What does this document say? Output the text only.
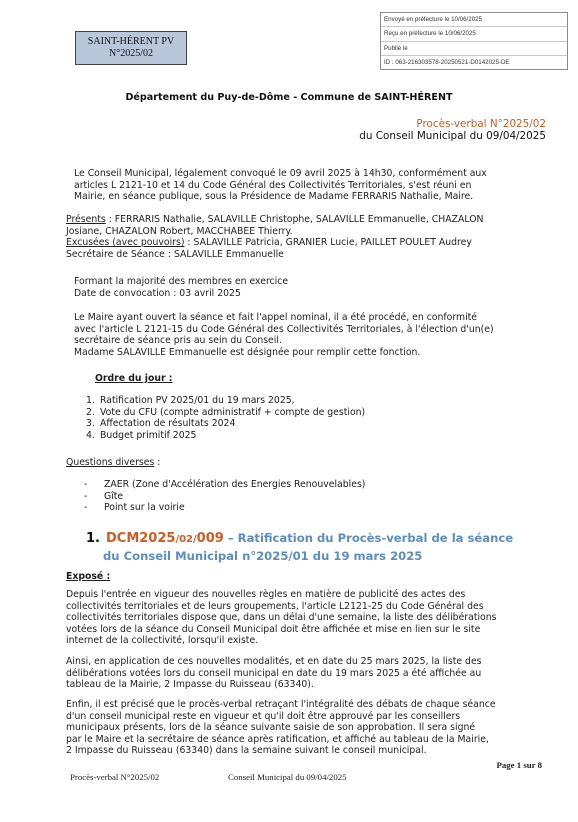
Envoyé en préfecture le 10/06/2025
Reçu en préfecture le 10/06/2025
Publié le
ID : 063-216303578-20250521-D0142025-DE
SAINT-HÉRENT PV
N°2025/02
Département du Puy-de-Dôme - Commune de SAINT-HÉRENT
Procès-verbal N°2025/02
du Conseil Municipal du 09/04/2025
Le Conseil Municipal, légalement convoqué le 09 avril 2025 à 14h30, conformément aux
articles L 2121-10 et 14 du Code Général des Collectivités Territoriales, s'est réuni en
Mairie, en séance publique, sous la Présidence de Madame FERRARIS Nathalie, Maire.
Présents : FERRARIS Nathalie, SALAVILLE Christophe, SALAVILLE Emmanuelle, CHAZALON
Josiane, CHAZALON Robert, MACCHABEE Thierry.
Excusées (avec pouvoirs) : SALAVILLE Patricia, GRANIER Lucie, PAILLET POULET Audrey
Secrétaire de Séance : SALAVILLE Emmanuelle
Formant la majorité des membres en exercice
Date de convocation : 03 avril 2025
Le Maire ayant ouvert la séance et fait l'appel nominal, il a été procédé, en conformité
avec l'article L 2121-15 du Code Général des Collectivités Territoriales, à l'élection d'un(e)
secrétaire de séance pris au sein du Conseil.
Madame SALAVILLE Emmanuelle est désignée pour remplir cette fonction.
Ordre du jour :
1. Ratification PV 2025/01 du 19 mars 2025,
2. Vote du CFU (compte administratif + compte de gestion)
3. Affectation de résultats 2024
4. Budget primitif 2025
Questions diverses :
- ZAER (Zone d'Accélération des Energies Renouvelables)
- Gîte
- Point sur la voirie
1. DCM2025/02/009 – Ratification du Procès-verbal de la séance
du Conseil Municipal n°2025/01 du 19 mars 2025
Exposé :
Depuis l'entrée en vigueur des nouvelles règles en matière de publicité des actes des
collectivités territoriales et de leurs groupements, l'article L2121-25 du Code Général des
collectivités territoriales dispose que, dans un délai d'une semaine, la liste des délibérations
votées lors de la séance du Conseil Municipal doit être affichée et mise en lien sur le site
internet de la collectivité, lorsqu'il existe.
Ainsi, en application de ces nouvelles modalités, et en date du 25 mars 2025, la liste des
délibérations votées lors du conseil municipal en date du 19 mars 2025 a été affichée au
tableau de la Mairie, 2 Impasse du Ruisseau (63340).
Enfin, il est précisé que le procès-verbal retraçant l'intégralité des débats de chaque séance
d'un conseil municipal reste en vigueur et qu'il doit être approuvé par les conseillers
municipaux présents, lors de la séance suivante saisie de son approbation. Il sera signé
par le Maire et la secrétaire de séance après ratification, et affiché au tableau de la Mairie,
2 Impasse du Ruisseau (63340) dans la semaine suivant le conseil municipal.
Page 1 sur 8
Procès-verbal N°2025/02	Conseil Municipal du 09/04/2025
